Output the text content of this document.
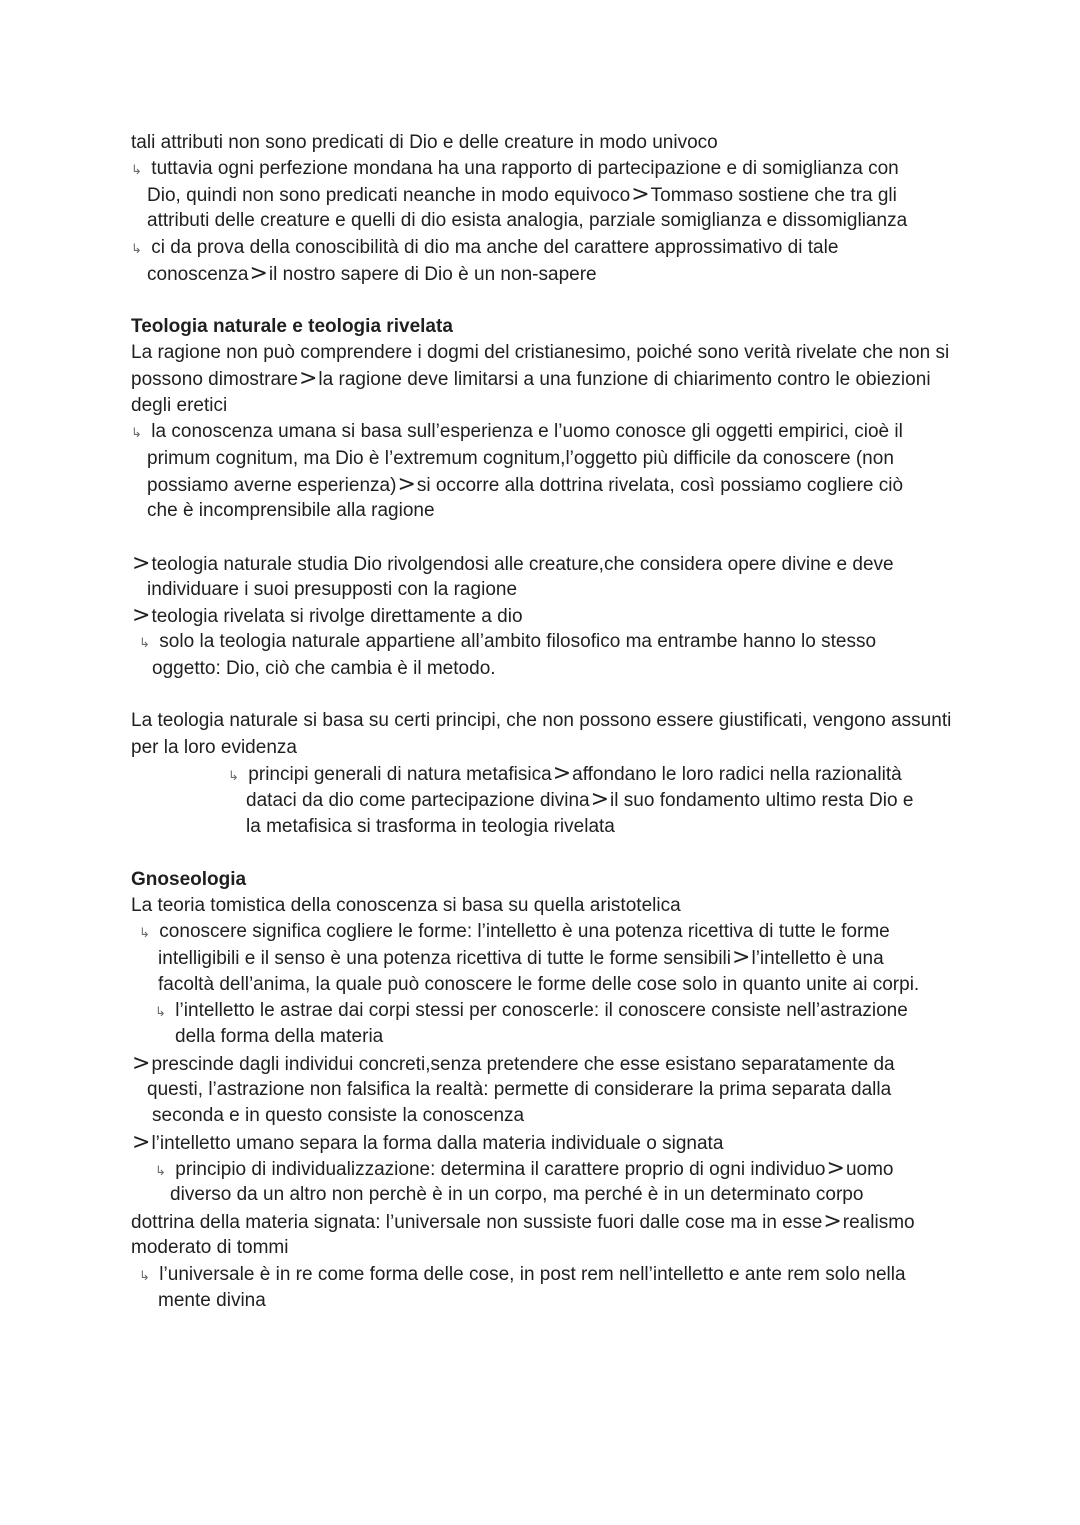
tali attributi non sono predicati di Dio e delle creature in modo univoco
↳ tuttavia ogni perfezione mondana ha una rapporto di partecipazione e di somiglianza con
Dio, quindi non sono predicati neanche in modo equivoco>Tommaso sostiene che tra gli
attributi delle creature e quelli di dio esista analogia, parziale somiglianza e dissomiglianza
↳ ci da prova della conoscibilità di dio ma anche del carattere approssimativo di tale
conoscenza>il nostro sapere di Dio è un non-sapere
Teologia naturale e teologia rivelata
La ragione non può comprendere i dogmi del cristianesimo, poiché sono verità rivelate che non si
possono dimostrare>la ragione deve limitarsi a una funzione di chiarimento contro le obiezioni
degli eretici
↳ la conoscenza umana si basa sull’esperienza e l’uomo conosce gli oggetti empirici, cioè il
primum cognitum, ma Dio è l’extremum cognitum,l’oggetto più difficile da conoscere (non
possiamo averne esperienza)>si occorre alla dottrina rivelata, così possiamo cogliere ciò
che è incomprensibile alla ragione
>teologia naturale studia Dio rivolgendosi alle creature,che considera opere divine e deve
individuare i suoi presupposti con la ragione
>teologia rivelata si rivolge direttamente a dio
↳ solo la teologia naturale appartiene all’ambito filosofico ma entrambe hanno lo stesso
oggetto: Dio, ciò che cambia è il metodo.
La teologia naturale si basa su certi principi, che non possono essere giustificati, vengono assunti
per la loro evidenza
↳ principi generali di natura metafisica>affondano le loro radici nella razionalità
dataci da dio come partecipazione divina>il suo fondamento ultimo resta Dio e
la metafisica si trasforma in teologia rivelata
Gnoseologia
La teoria tomistica della conoscenza si basa su quella aristotelica
↳ conoscere significa cogliere le forme: l’intelletto è una potenza ricettiva di tutte le forme
intelligibili e il senso è una potenza ricettiva di tutte le forme sensibili>l’intelletto è una
facoltà dell’anima, la quale può conoscere le forme delle cose solo in quanto unite ai corpi.
↳ l’intelletto le astrae dai corpi stessi per conoscerle: il conoscere consiste nell’astrazione
della forma della materia
>prescinde dagli individui concreti,senza pretendere che esse esistano separatamente da
questi, l’astrazione non falsifica la realtà: permette di considerare la prima separata dalla
seconda e in questo consiste la conoscenza
>l’intelletto umano separa la forma dalla materia individuale o signata
↳ principio di individualizzazione: determina il carattere proprio di ogni individuo>uomo
diverso da un altro non perchè è in un corpo, ma perché è in un determinato corpo
dottrina della materia signata: l’universale non sussiste fuori dalle cose ma in esse>realismo
moderato di tommi
↳ l’universale è in re come forma delle cose, in post rem nell’intelletto e ante rem solo nella
mente divina
